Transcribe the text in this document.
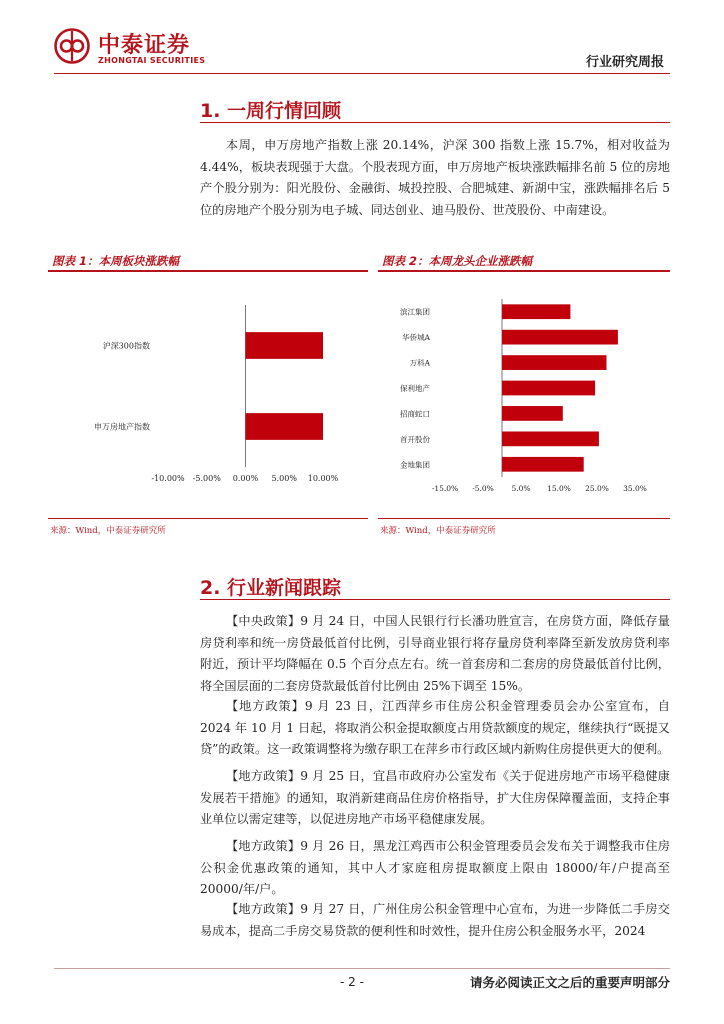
中泰证券
ZHONGTAI SECURITIES	行业研究周报
1. 一周行情回顾
本周，申万房地产指数上涨 20.14%，沪深 300 指数上涨 15.7%，相对收益为 4.44%，板块表现强于大盘。个股表现方面，申万房地产板块涨跌幅排名前 5 位的房地产个股分别为：阳光股份、金融街、城投控股、合肥城建、新湖中宝，涨跌幅排名后 5 位的房地产个股分别为电子城、同达创业、迪马股份、世茂股份、中南建设。
图表 1：本周板块涨跌幅
沪深300指数
申万房地产指数
-10.00% -5.00% 0.00% 5.00% 10.00%
来源：Wind，中泰证券研究所
图表 2：本周龙头企业涨跌幅
滨江集团
华侨城A
万科A
保利地产
招商蛇口
首开股份
金地集团
-15.0% -5.0% 5.0% 15.0% 25.0% 35.0%
来源：Wind，中泰证券研究所
2. 行业新闻跟踪
【中央政策】9 月 24 日，中国人民银行行长潘功胜宣言，在房贷方面，降低存量房贷利率和统一房贷最低首付比例，引导商业银行将存量房贷利率降至新发放房贷利率附近，预计平均降幅在 0.5 个百分点左右。统一首套房和二套房的房贷最低首付比例，将全国层面的二套房贷款最低首付比例由 25%下调至 15%。
【地方政策】9 月 23 日，江西萍乡市住房公积金管理委员会办公室宣布，自 2024 年 10 月 1 日起，将取消公积金提取额度占用贷款额度的规定，继续执行“既提又贷”的政策。这一政策调整将为缴存职工在萍乡市行政区域内新购住房提供更大的便利。
【地方政策】9 月 25 日，宜昌市政府办公室发布《关于促进房地产市场平稳健康发展若干措施》的通知，取消新建商品住房价格指导，扩大住房保障覆盖面，支持企事业单位以需定建等，以促进房地产市场平稳健康发展。
【地方政策】9 月 26 日，黑龙江鸡西市公积金管理委员会发布关于调整我市住房公积金优惠政策的通知，其中人才家庭租房提取额度上限由 18000/年/户提高至 20000/年/户。
【地方政策】9 月 27 日，广州住房公积金管理中心宣布，为进一步降低二手房交易成本，提高二手房交易贷款的便利性和时效性，提升住房公积金服务水平，2024
- 2 -	请务必阅读正文之后的重要声明部分
